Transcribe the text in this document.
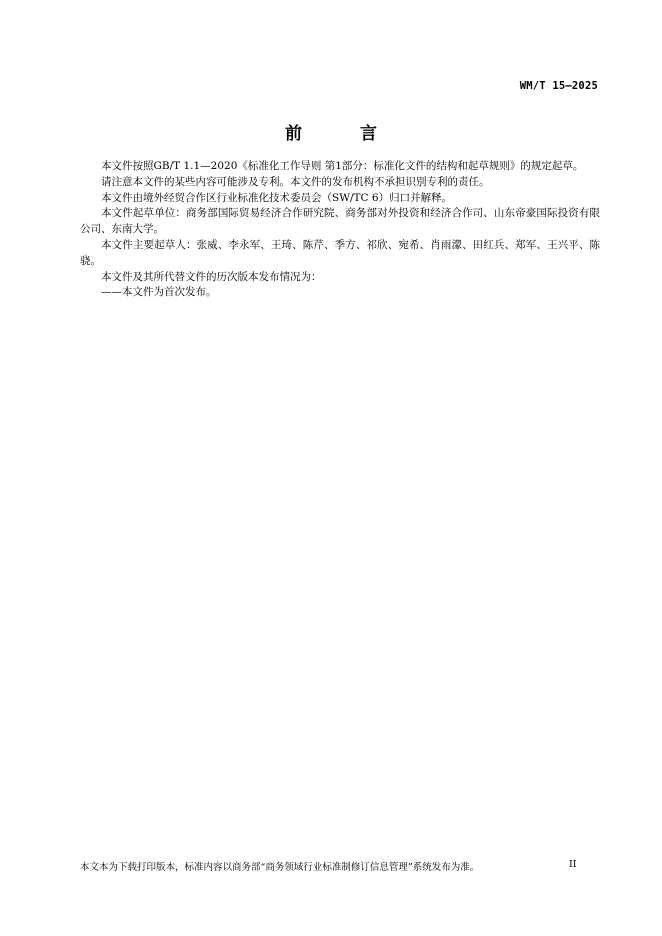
WM/T 15—2025
前 言

本文件按照GB/T 1.1—2020《标准化工作导则 第1部分：标准化文件的结构和起草规则》的规定起草。

请注意本文件的某些内容可能涉及专利。本文件的发布机构不承担识别专利的责任。

本文件由境外经贸合作区行业标准化技术委员会（SW/TC 6）归口并解释。

本文件起草单位：商务部国际贸易经济合作研究院、商务部对外投资和经济合作司、山东帝豪国际投资有限公司、东南大学。

本文件主要起草人：张威、李永军、王琦、陈芹、季方、祁欣、宛希、肖雨濛、田红兵、郑军、王兴平、陈骁。

本文件及其所代替文件的历次版本发布情况为：

——本文件为首次发布。

本文本为下载打印版本，标准内容以商务部“商务领域行业标准制修订信息管理”系统发布为准。	II
